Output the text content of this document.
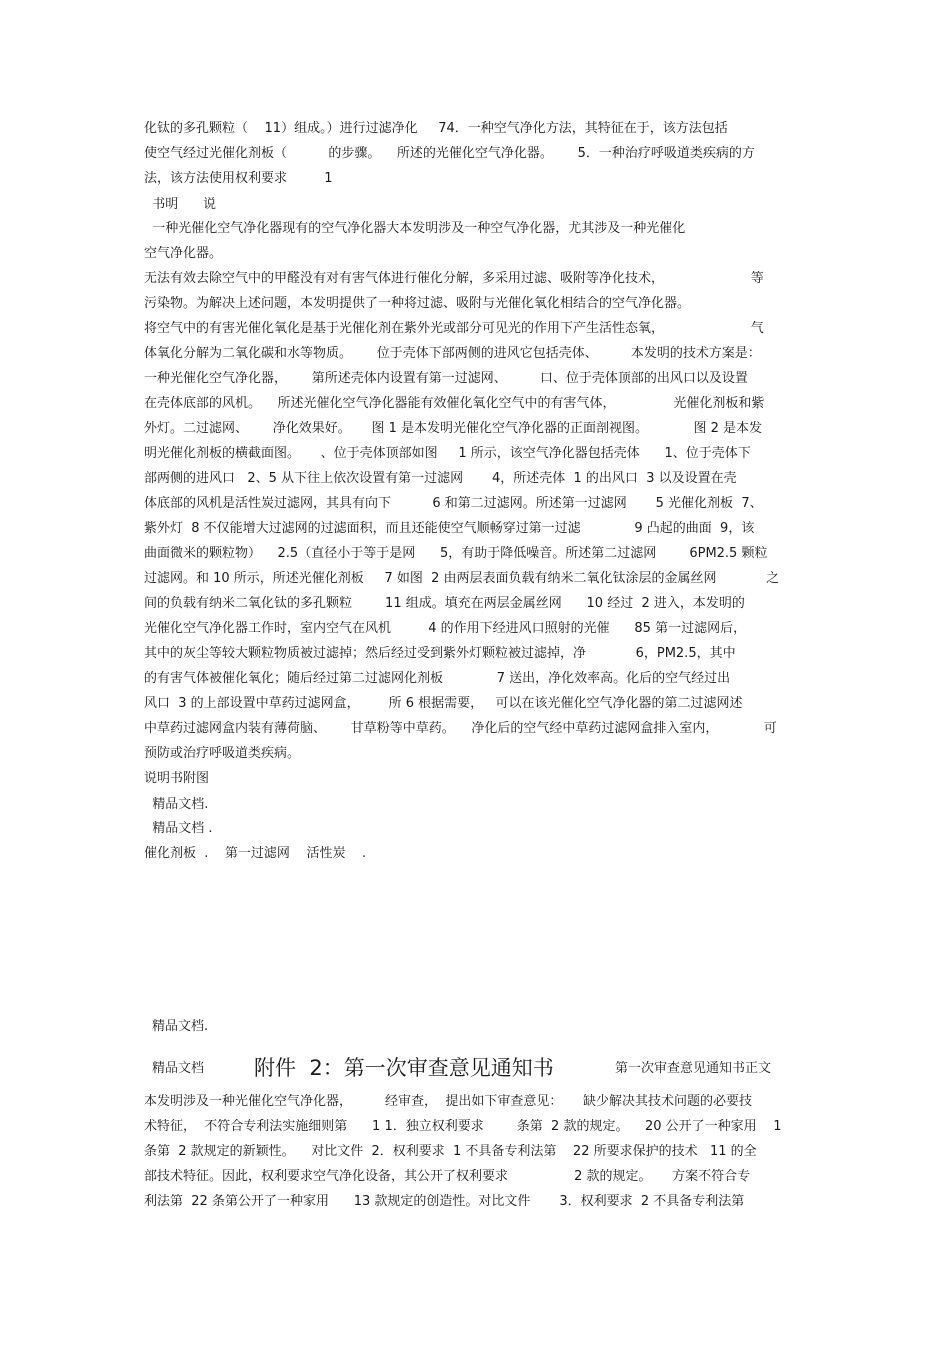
化钛的多孔颗粒（    11）组成。）进行过滤净化     74．一种空气净化方法，其特征在于，该方法包括
使空气经过光催化剂板（          的步骤。    所述的光催化空气净化器。      5．一种治疗呼吸道类疾病的方
法，该方法使用权利要求         1
书明      说
一种光催化空气净化器现有的空气净化器大本发明涉及一种空气净化器，尤其涉及一种光催化
空气净化器。
无法有效去除空气中的甲醛没有对有害气体进行催化分解，多采用过滤、吸附等净化技术，                     等
污染物。为解决上述问题，本发明提供了一种将过滤、吸附与光催化氧化相结合的空气净化器。
将空气中的有害光催化氧化是基于光催化剂在紫外光或部分可见光的作用下产生活性态氧，                     气
体氧化分解为二氧化碳和水等物质。      位于壳体下部两侧的进风它包括壳体、        本发明的技术方案是：
一种光催化空气净化器，      第所述壳体内设置有第一过滤网、        口、位于壳体顶部的出风口以及设置
在壳体底部的风机。    所述光催化空气净化器能有效催化氧化空气中的有害气体，              光催化剂板和紫
外灯。二过滤网、      净化效果好。     图 1 是本发明光催化空气净化器的正面剖视图。           图 2 是本发
明光催化剂板的横截面图。     、位于壳体顶部如图     1 所示，该空气净化器包括壳体      1、位于壳体下
部两侧的进风口   2、5 从下往上依次设置有第一过滤网       4，所述壳体  1 的出风口  3 以及设置在壳
体底部的风机是活性炭过滤网，其具有向下          6 和第二过滤网。所述第一过滤网       5 光催化剂板  7、
紫外灯  8 不仅能增大过滤网的过滤面积，而且还能使空气顺畅穿过第一过滤             9 凸起的曲面  9，该
曲面微米的颗粒物）    2.5（直径小于等于是网      5，有助于降低噪音。所述第二过滤网        6PM2.5 颗粒
过滤网。和 10 所示，所述光催化剂板     7 如图  2 由两层表面负载有纳米二氧化钛涂层的金属丝网            之
间的负载有纳米二氧化钛的多孔颗粒        11 组成。填充在两层金属丝网      10 经过  2 进入，本发明的
光催化空气净化器工作时，室内空气在风机         4 的作用下经进风口照射的光催      85 第一过滤网后，
其中的灰尘等较大颗粒物质被过滤掉；然后经过受到紫外灯颗粒被过滤掉，净            6，PM2.5，其中
的有害气体被催化氧化；随后经过第二过滤网化剂板             7 送出，净化效率高。化后的空气经过出
风口  3 的上部设置中草药过滤网盒，       所 6 根据需要，   可以在该光催化空气净化器的第二过滤网述
中草药过滤网盒内装有薄荷脑、      甘草粉等中草药。    净化后的空气经中草药过滤网盒排入室内，           可
预防或治疗呼吸道类疾病。
说明书附图
精品文档.
精品文档 .
催化剂板  .    第一过滤网    活性炭    .
精品文档.
精品文档 附件  2：第一次审查意见通知书	第一次审查意见通知书正文
本发明涉及一种光催化空气净化器，        经审查，  提出如下审查意见：     缺少解决其技术问题的必要技
术特征，  不符合专利法实施细则第      1 1．独立权利要求        条第  2 款的规定。    20 公开了一种家用    1
条第  2 款规定的新颖性。    对比文件  2．权利要求  1 不具备专利法第    22 所要求保护的技术   11 的全
部技术特征。因此，权利要求空气净化设备，其公开了权利要求                2 款的规定。     方案不符合专
利法第  22 条第公开了一种家用      13 款规定的创造性。对比文件       3．权利要求  2 不具备专利法第
